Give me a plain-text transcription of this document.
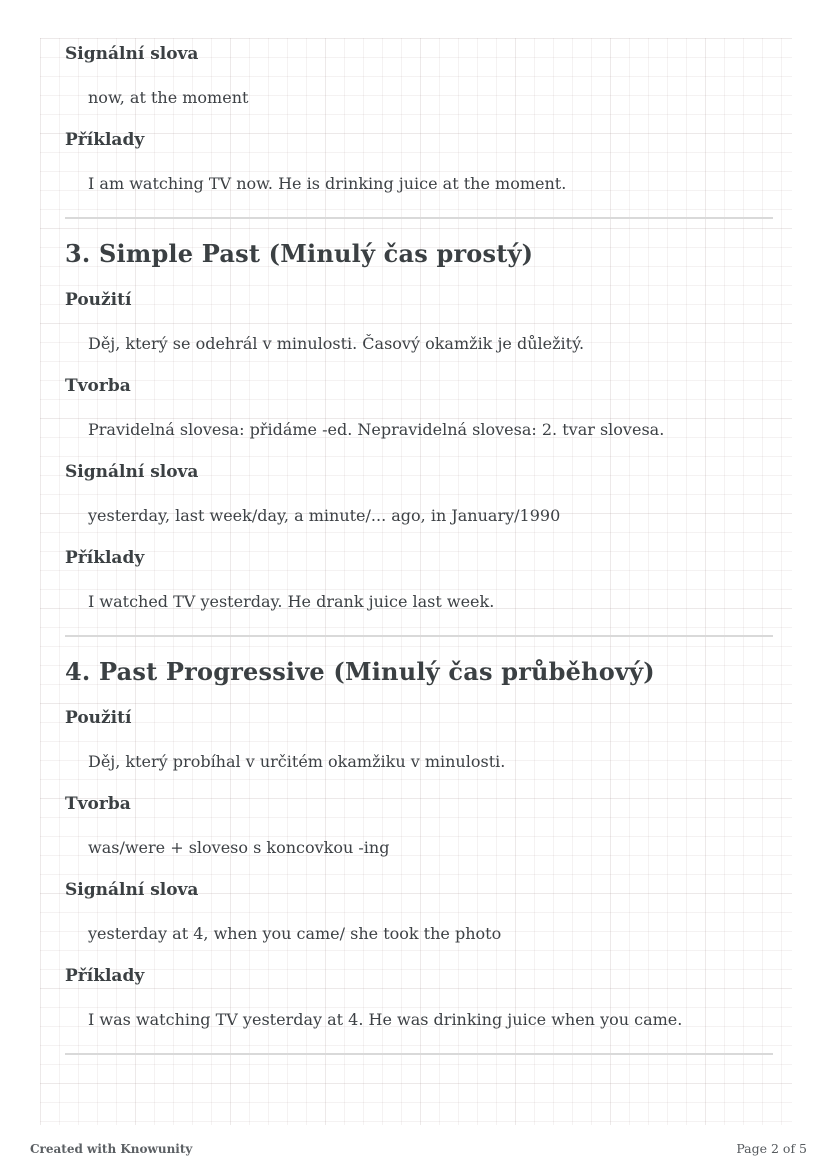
Signální slova

now, at the moment

Příklady

I am watching TV now. He is drinking juice at the moment.

3. Simple Past (Minulý čas prostý)
Použití

Děj, který se odehrál v minulosti. Časový okamžik je důležitý.

Tvorba

Pravidelná slovesa: přidáme -ed. Nepravidelná slovesa: 2. tvar slovesa.

Signální slova

yesterday, last week/day, a minute/... ago, in January/1990

Příklady

I watched TV yesterday. He drank juice last week.

4. Past Progressive (Minulý čas průběhový)
Použití

Děj, který probíhal v určitém okamžiku v minulosti.

Tvorba

was/were + sloveso s koncovkou -ing

Signální slova

yesterday at 4, when you came/ she took the photo

Příklady

I was watching TV yesterday at 4. He was drinking juice when you came.

Created with Knowunity	Page 2 of 5
